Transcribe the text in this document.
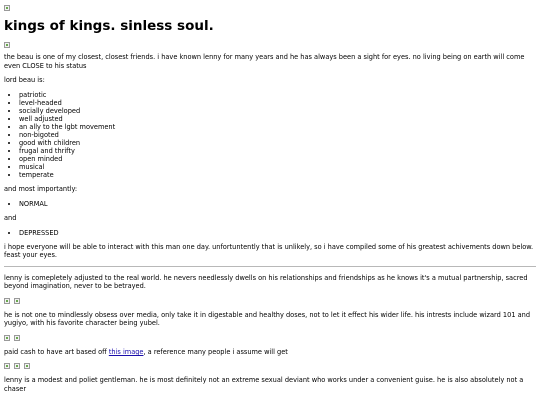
kings of kings. sinless soul.

the beau is one of my closest, closest friends. i have known lenny for many years and he has always been a sight for eyes. no living being on earth will come even CLOSE to his status

lord beau is:

• patriotic
• level-headed
• socially developed
• well adjusted
• an ally to the lgbt movement
• non-bigoted
• good with children
• frugal and thrifty
• open minded
• musical
• temperate

and most importantly:

• NORMAL

and

• DEPRESSED

i hope everyone will be able to interact with this man one day. unfortuntently that is unlikely, so i have compiled some of his greatest achivements down below. feast your eyes.

lenny is comepletely adjusted to the real world. he nevers needlessly dwells on his relationships and friendships as he knows it's a mutual partnership, sacred beyond imagination, never to be betrayed.

he is not one to mindlessly obsess over media, only take it in digestable and healthy doses, not to let it effect his wider life. his intrests include wizard 101 and yugiyo, with his favorite character being yubel.

paid cash to have art based off this image, a reference many people i assume will get

lenny is a modest and poliet gentleman. he is most definitely not an extreme sexual deviant who works under a convenient guise. he is also absolutely not a chaser
